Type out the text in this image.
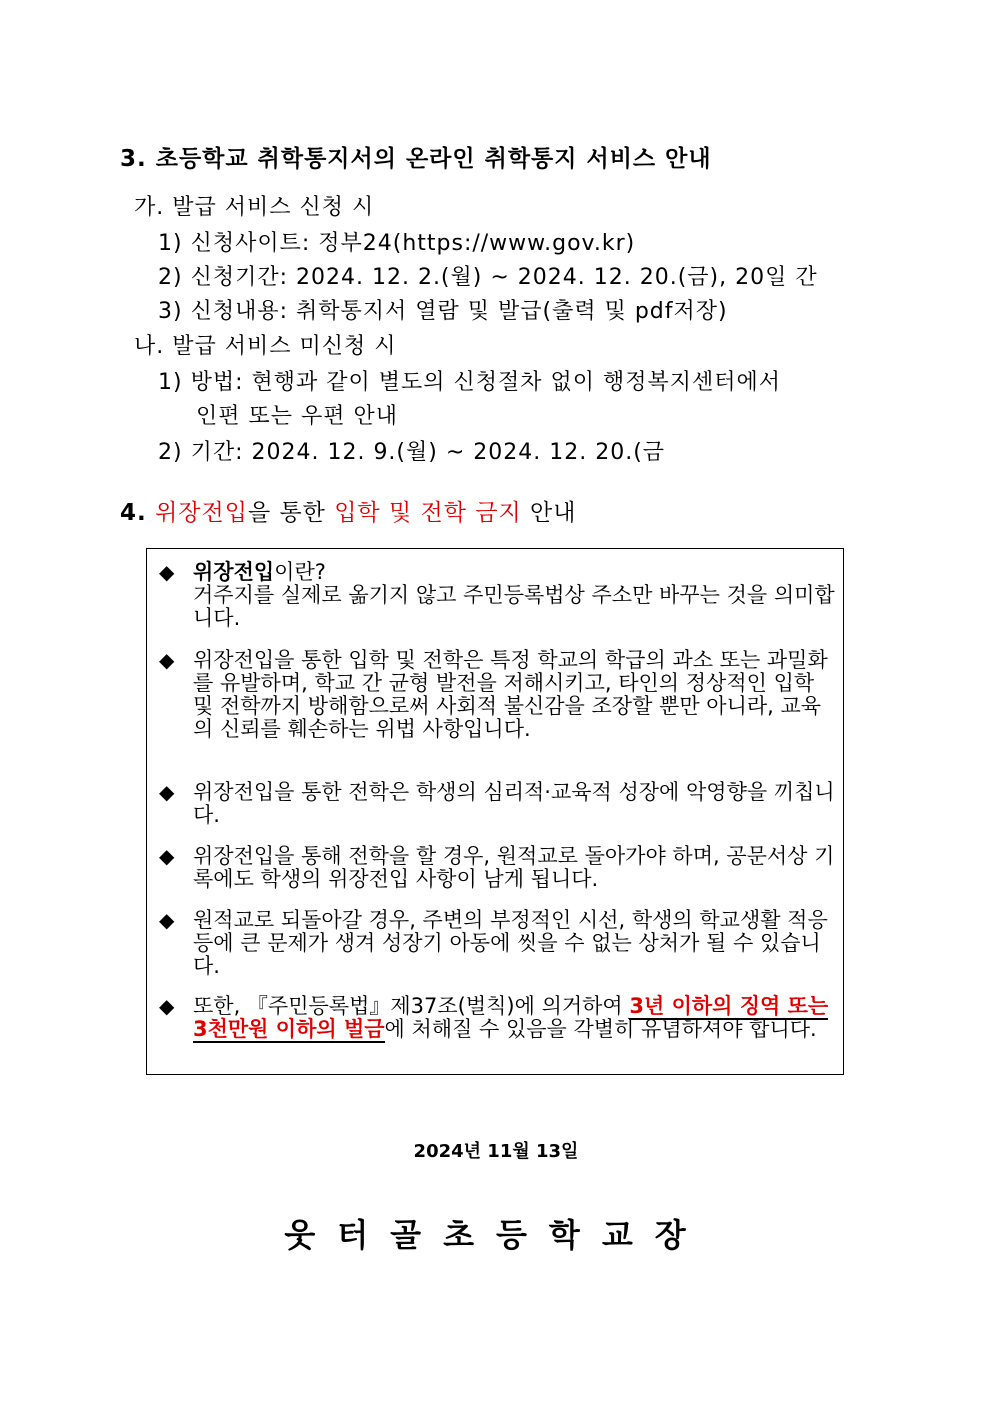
3. 초등학교 취학통지서의 온라인 취학통지 서비스 안내
가. 발급 서비스 신청 시
1) 신청사이트: 정부24(https://www.gov.kr)
2) 신청기간: 2024. 12. 2.(월) ~ 2024. 12. 20.(금), 20일 간
3) 신청내용: 취학통지서 열람 및 발급(출력 및 pdf저장)
나. 발급 서비스 미신청 시
1) 방법: 현행과 같이 별도의 신청절차 없이 행정복지센터에서
인편 또는 우편 안내
2) 기간: 2024. 12. 9.(월) ~ 2024. 12. 20.(금
4. 위장전입을 통한 입학 및 전학 금지 안내
◆ 위장전입이란?
거주지를 실제로 옮기지 않고 주민등록법상 주소만 바꾸는 것을 의미합니다.
◆ 위장전입을 통한 입학 및 전학은 특정 학교의 학급의 과소 또는 과밀화를 유발하며, 학교 간 균형 발전을 저해시키고, 타인의 정상적인 입학 및 전학까지 방해함으로써 사회적 불신감을 조장할 뿐만 아니라, 교육의 신뢰를 훼손하는 위법 사항입니다.
◆ 위장전입을 통한 전학은 학생의 심리적·교육적 성장에 악영향을 끼칩니다.
◆ 위장전입을 통해 전학을 할 경우, 원적교로 돌아가야 하며, 공문서상 기록에도 학생의 위장전입 사항이 남게 됩니다.
◆ 원적교로 되돌아갈 경우, 주변의 부정적인 시선, 학생의 학교생활 적응 등에 큰 문제가 생겨 성장기 아동에 씻을 수 없는 상처가 될 수 있습니다.
◆ 또한, 『주민등록법』제37조(벌칙)에 의거하여 3년 이하의 징역 또는 3천만원 이하의 벌금에 처해질 수 있음을 각별히 유념하셔야 합니다.
2024년 11월 13일
웃터골초등학교장
